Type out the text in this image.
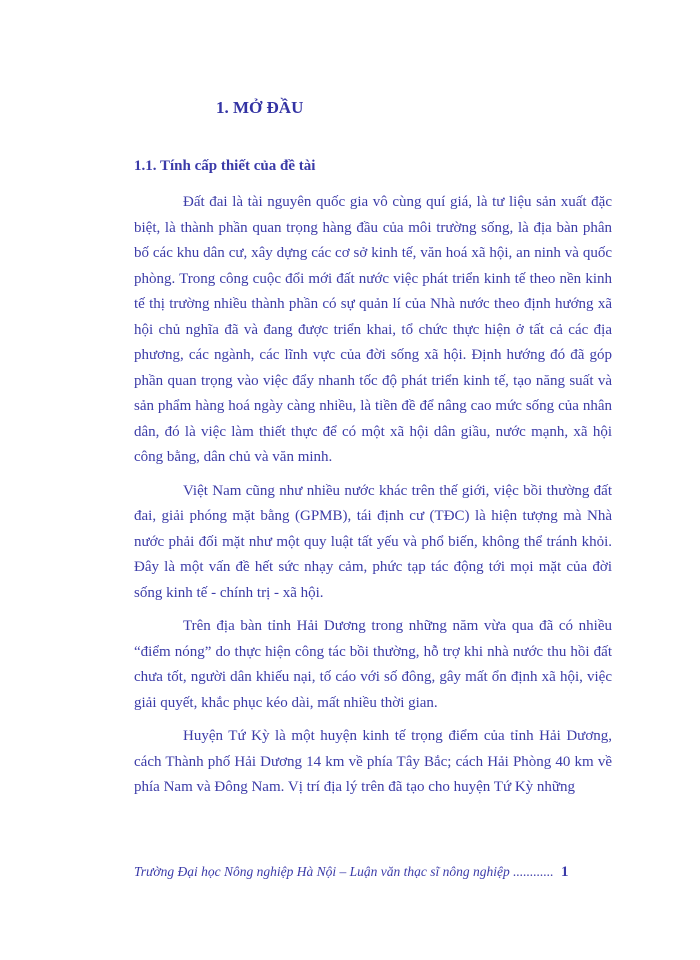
1. MỞ ĐẦU
1.1. Tính cấp thiết của đề tài

Đất đai là tài nguyên quốc gia vô cùng quí giá, là tư liệu sản xuất đặc biệt, là thành phần quan trọng hàng đầu của môi trường sống, là địa bàn phân bố các khu dân cư, xây dựng các cơ sở kinh tế, văn hoá xã hội, an ninh và quốc phòng. Trong công cuộc đổi mới đất nước việc phát triển kinh tế theo nền kinh tế thị trường nhiều thành phần có sự quản lí của Nhà nước theo định hướng xã hội chủ nghĩa đã và đang được triển khai, tổ chức thực hiện ở tất cả các địa phương, các ngành, các lĩnh vực của đời sống xã hội. Định hướng đó đã góp phần quan trọng vào việc đẩy nhanh tốc độ phát triển kinh tế, tạo năng suất và sản phẩm hàng hoá ngày càng nhiều, là tiền đề để nâng cao mức sống của nhân dân, đó là việc làm thiết thực để có một xã hội dân giầu, nước mạnh, xã hội công bằng, dân chủ và văn minh.

Việt Nam cũng như nhiều nước khác trên thế giới, việc bồi thường đất đai, giải phóng mặt bằng (GPMB), tái định cư (TĐC) là hiện tượng mà Nhà nước phải đối mặt như một quy luật tất yếu và phổ biến, không thể tránh khỏi. Đây là một vấn đề hết sức nhạy cảm, phức tạp tác động tới mọi mặt của đời sống kinh tế - chính trị - xã hội.

Trên địa bàn tỉnh Hải Dương trong những năm vừa qua đã có nhiều “điểm nóng” do thực hiện công tác bồi thường, hỗ trợ khi nhà nước thu hồi đất chưa tốt, người dân khiếu nại, tố cáo với số đông, gây mất ổn định xã hội, việc giải quyết, khắc phục kéo dài, mất nhiều thời gian.

Huyện Tứ Kỳ là một huyện kinh tế trọng điểm của tỉnh Hải Dương, cách Thành phố Hải Dương 14 km về phía Tây Bắc; cách Hải Phòng 40 km về phía Nam và Đông Nam. Vị trí địa lý trên đã tạo cho huyện Tứ Kỳ những

Trường Đại học Nông nghiệp Hà Nội – Luận văn thạc sĩ nông nghiệp ............ 1
